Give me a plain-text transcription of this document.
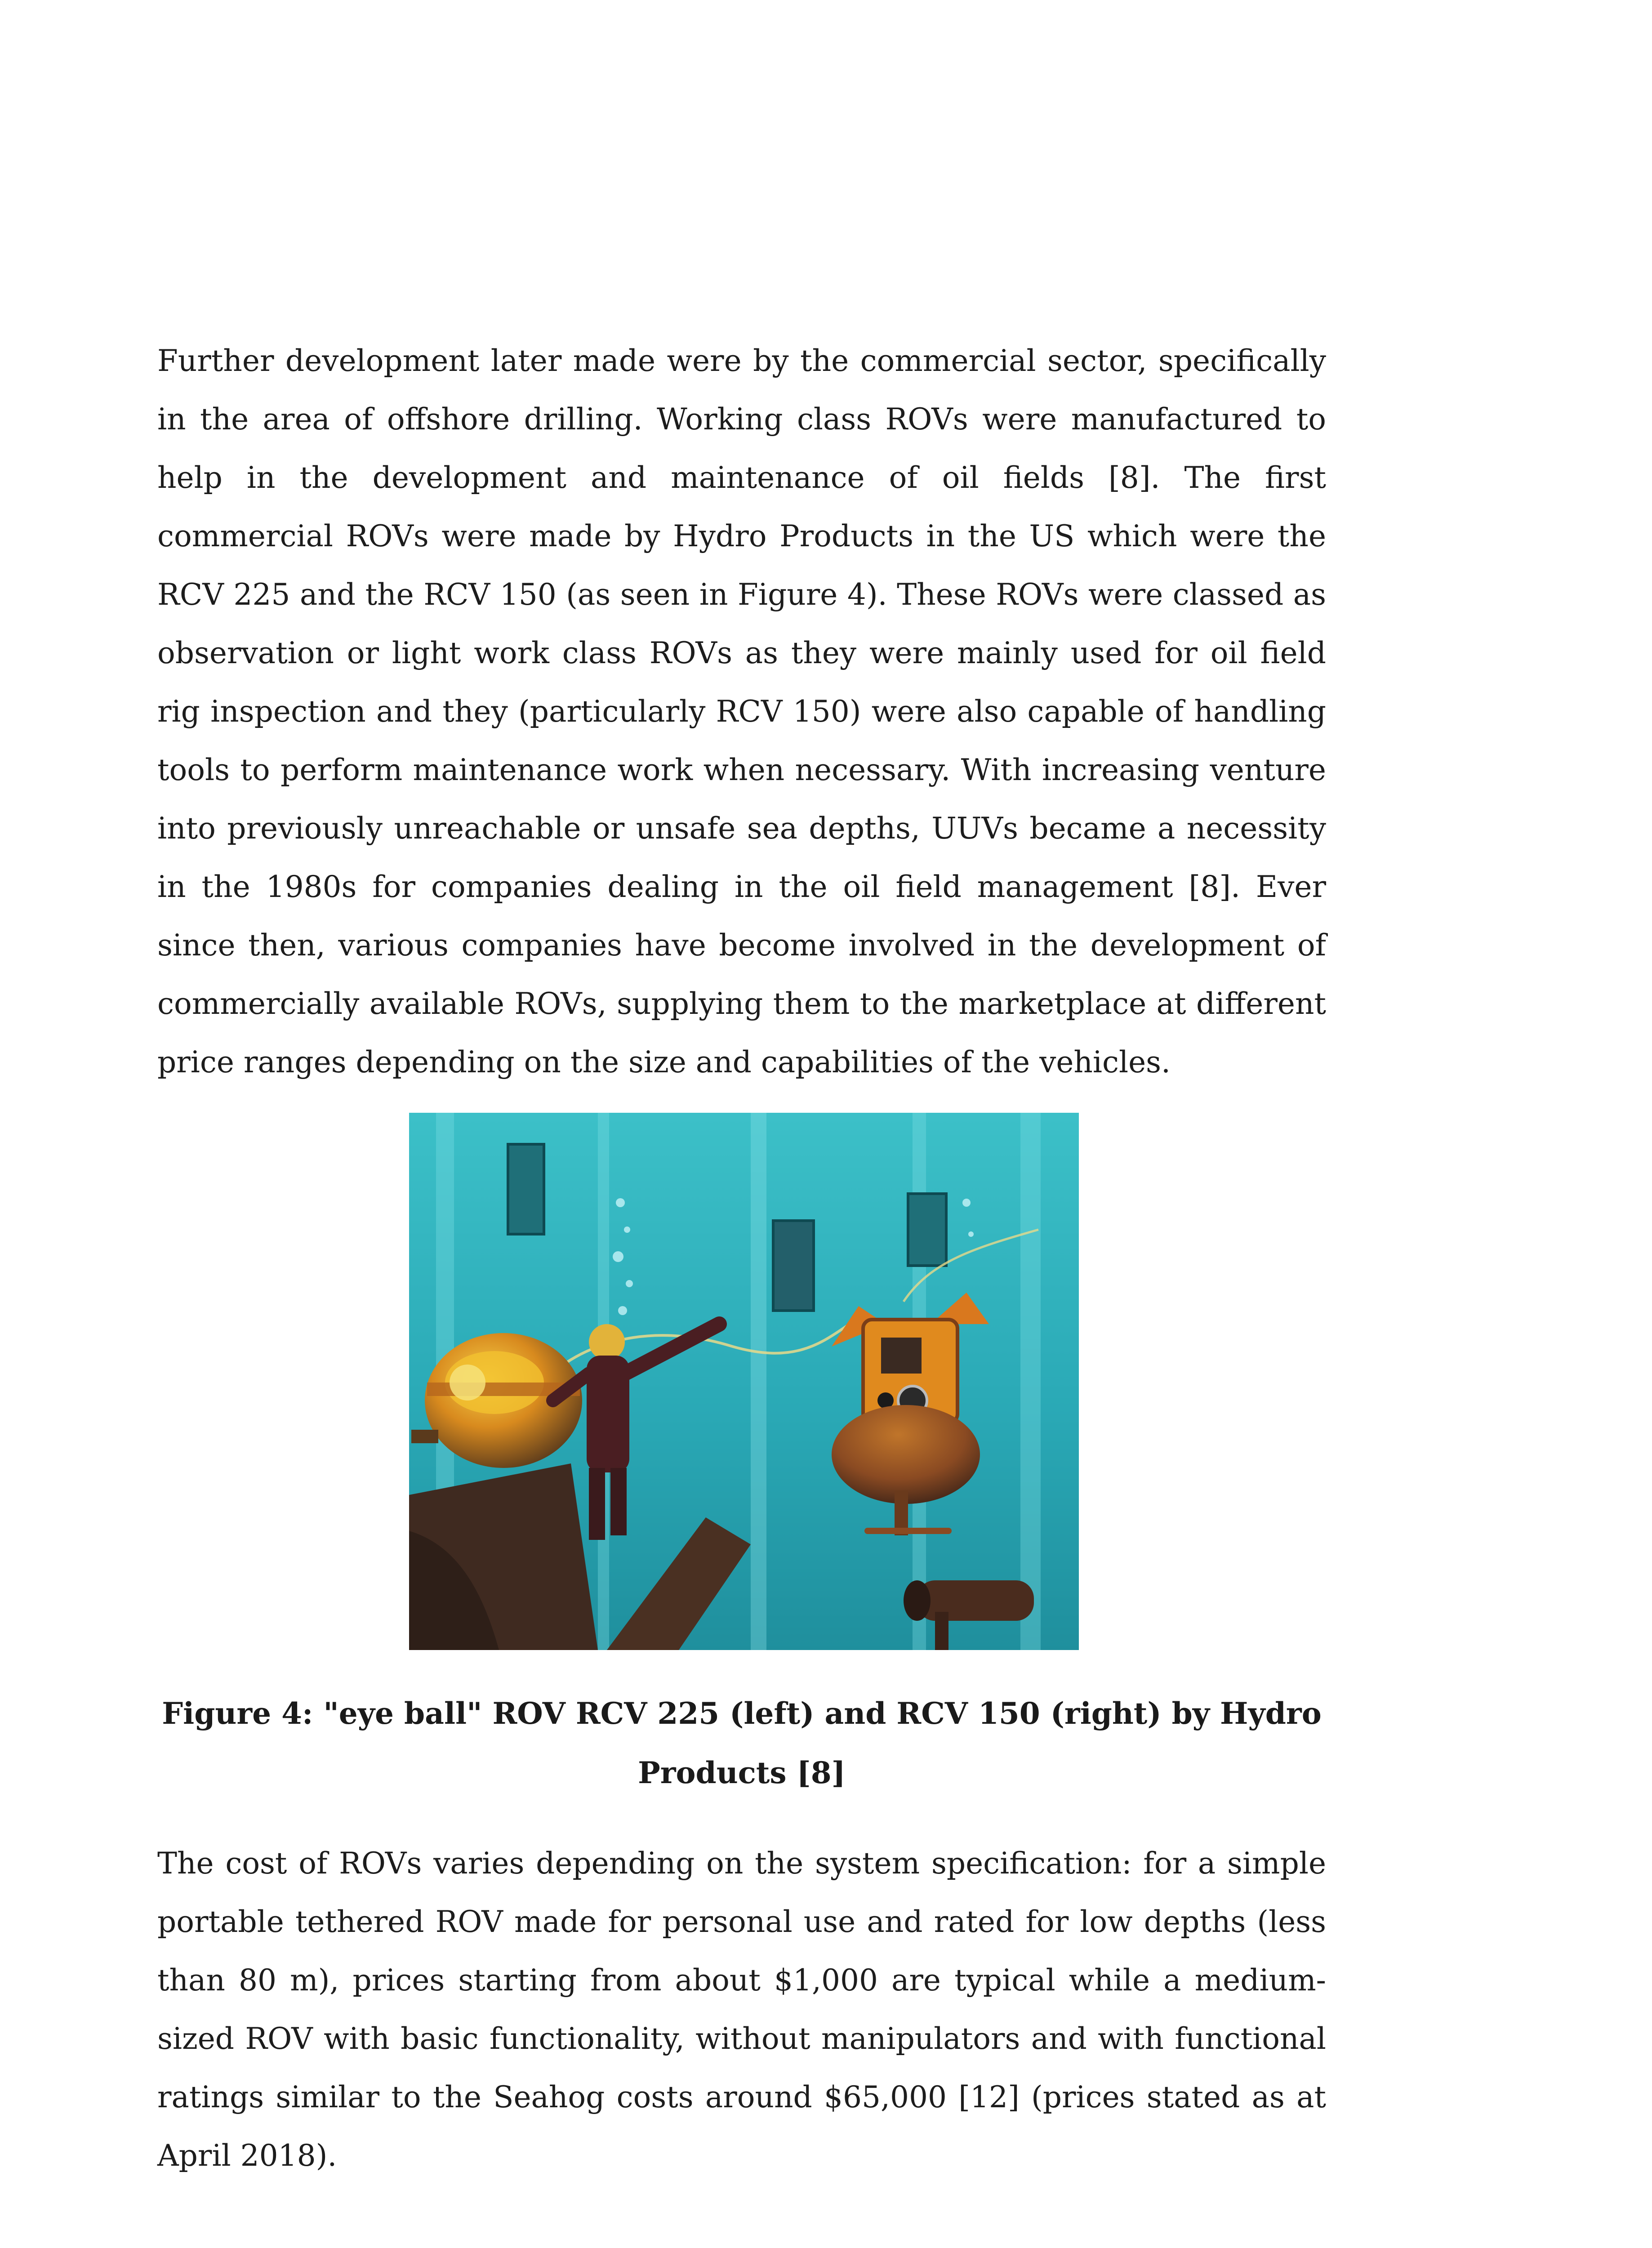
Further development later made were by the commercial sector, specifically in the area of offshore drilling. Working class ROVs were manufactured to help in the development and maintenance of oil fields [8]. The first commercial ROVs were made by Hydro Products in the US which were the RCV 225 and the RCV 150 (as seen in Figure 4). These ROVs were classed as observation or light work class ROVs as they were mainly used for oil field rig inspection and they (particularly RCV 150) were also capable of handling tools to perform maintenance work when necessary. With increasing venture into previously unreachable or unsafe sea depths, UUVs became a necessity in the 1980s for companies dealing in the oil field management [8]. Ever since then, various companies have become involved in the development of commercially available ROVs, supplying them to the marketplace at different price ranges depending on the size and capabilities of the vehicles.

Figure 4: "eye ball" ROV RCV 225 (left) and RCV 150 (right) by Hydro Products [8]

The cost of ROVs varies depending on the system specification: for a simple portable tethered ROV made for personal use and rated for low depths (less than 80 m), prices starting from about $1,000 are typical while a medium-sized ROV with basic functionality, without manipulators and with functional ratings similar to the Seahog costs around $65,000 [12] (prices stated as at April 2018).
